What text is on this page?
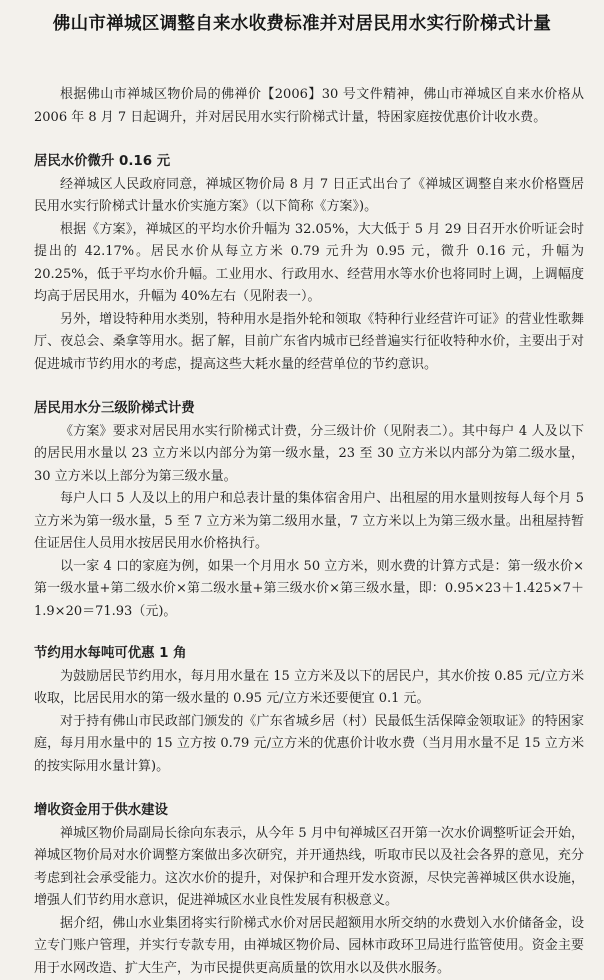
佛山市禅城区调整自来水收费标准并对居民用水实行阶梯式计量

根据佛山市禅城区物价局的佛禅价【2006】30 号文件精神，佛山市禅城区自来水价格从 2006 年 8 月 7 日起调升，并对居民用水实行阶梯式计量，特困家庭按优惠价计收水费。

居民水价微升 0.16 元

经禅城区人民政府同意，禅城区物价局 8 月 7 日正式出台了《禅城区调整自来水价格暨居民用水实行阶梯式计量水价实施方案》（以下简称《方案》)。

根据《方案》，禅城区的平均水价升幅为 32.05%，大大低于 5 月 29 日召开水价听证会时提出的 42.17%。居民水价从每立方米 0.79 元升为 0.95 元，微升 0.16 元，升幅为 20.25%，低于平均水价升幅。工业用水、行政用水、经营用水等水价也将同时上调，上调幅度均高于居民用水，升幅为 40%左右（见附表一）。

另外，增设特种用水类别，特种用水是指外轮和领取《特种行业经营许可证》的营业性歌舞厅、夜总会、桑拿等用水。据了解，目前广东省内城市已经普遍实行征收特种水价，主要出于对促进城市节约用水的考虑，提高这些大耗水量的经营单位的节约意识。

居民用水分三级阶梯式计费

《方案》要求对居民用水实行阶梯式计费，分三级计价（见附表二）。其中每户 4 人及以下的居民用水量以 23 立方米以内部分为第一级水量，23 至 30 立方米以内部分为第二级水量，30 立方米以上部分为第三级水量。

每户人口 5 人及以上的用户和总表计量的集体宿舍用户、出租屋的用水量则按每人每个月 5 立方米为第一级水量，5 至 7 立方米为第二级用水量，7 立方米以上为第三级水量。出租屋持暂住证居住人员用水按居民用水价格执行。

以一家 4 口的家庭为例，如果一个月用水 50 立方米，则水费的计算方式是：第一级水价×第一级水量+第二级水价×第二级水量+第三级水价×第三级水量，即：0.95×23＋1.425×7＋1.9×20＝71.93（元)。

节约用水每吨可优惠 1 角

为鼓励居民节约用水，每月用水量在 15 立方米及以下的居民户，其水价按 0.85 元/立方米收取，比居民用水的第一级水量的 0.95 元/立方米还要便宜 0.1 元。

对于持有佛山市民政部门颁发的《广东省城乡居（村）民最低生活保障金领取证》的特困家庭，每月用水量中的 15 立方按 0.79 元/立方米的优惠价计收水费（当月用水量不足 15 立方米的按实际用水量计算)。

增收资金用于供水建设

禅城区物价局副局长徐向东表示，从今年 5 月中旬禅城区召开第一次水价调整听证会开始，禅城区物价局对水价调整方案做出多次研究，并开通热线，听取市民以及社会各界的意见，充分考虑到社会承受能力。这次水价的提升，对保护和合理开发水资源，尽快完善禅城区供水设施，增强人们节约用水意识，促进禅城区水业良性发展有积极意义。

据介绍，佛山水业集团将实行阶梯式水价对居民超额用水所交纳的水费划入水价储备金，设立专门账户管理，并实行专款专用，由禅城区物价局、园林市政环卫局进行监管使用。资金主要用于水网改造、扩大生产，为市民提供更高质量的饮用水以及供水服务。
